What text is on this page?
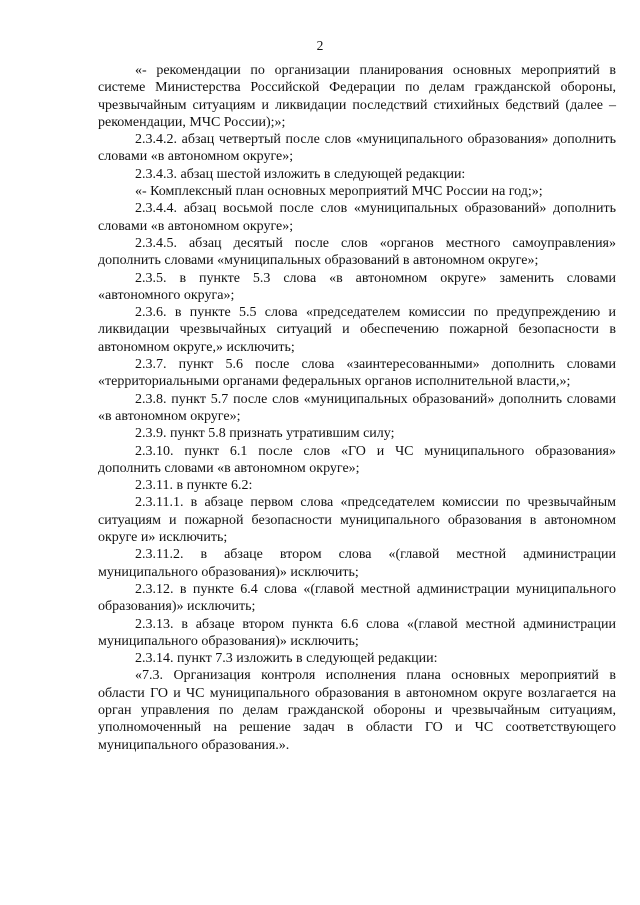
2

«- рекомендации по организации планирования основных мероприятий в системе Министерства Российской Федерации по делам гражданской обороны, чрезвычайным ситуациям и ликвидации последствий стихийных бедствий (далее – рекомендации, МЧС России);»;

2.3.4.2. абзац четвертый после слов «муниципального образования» дополнить словами «в автономном округе»;

2.3.4.3. абзац шестой изложить в следующей редакции:

«- Комплексный план основных мероприятий МЧС России на год;»;

2.3.4.4. абзац восьмой после слов «муниципальных образований» дополнить словами «в автономном округе»;

2.3.4.5. абзац десятый после слов «органов местного самоуправления» дополнить словами «муниципальных образований в автономном округе»;

2.3.5. в пункте 5.3 слова «в автономном округе» заменить словами «автономного округа»;

2.3.6. в пункте 5.5 слова «председателем комиссии по предупреждению и ликвидации чрезвычайных ситуаций и обеспечению пожарной безопасности в автономном округе,» исключить;

2.3.7. пункт 5.6 после слова «заинтересованными» дополнить словами «территориальными органами федеральных органов исполнительной власти,»;

2.3.8. пункт 5.7 после слов «муниципальных образований» дополнить словами «в автономном округе»;

2.3.9. пункт 5.8 признать утратившим силу;

2.3.10. пункт 6.1 после слов «ГО и ЧС муниципального образования» дополнить словами «в автономном округе»;

2.3.11. в пункте 6.2:

2.3.11.1. в абзаце первом слова «председателем комиссии по чрезвычайным ситуациям и пожарной безопасности муниципального образования в автономном округе и» исключить;

2.3.11.2. в абзаце втором слова «(главой местной администрации муниципального образования)» исключить;

2.3.12. в пункте 6.4 слова «(главой местной администрации муниципального образования)» исключить;

2.3.13. в абзаце втором пункта 6.6 слова «(главой местной администрации муниципального образования)» исключить;

2.3.14. пункт 7.3 изложить в следующей редакции:

«7.3. Организация контроля исполнения плана основных мероприятий в области ГО и ЧС муниципального образования в автономном округе возлагается на орган управления по делам гражданской обороны и чрезвычайным ситуациям, уполномоченный на решение задач в области ГО и ЧС соответствующего муниципального образования.».
